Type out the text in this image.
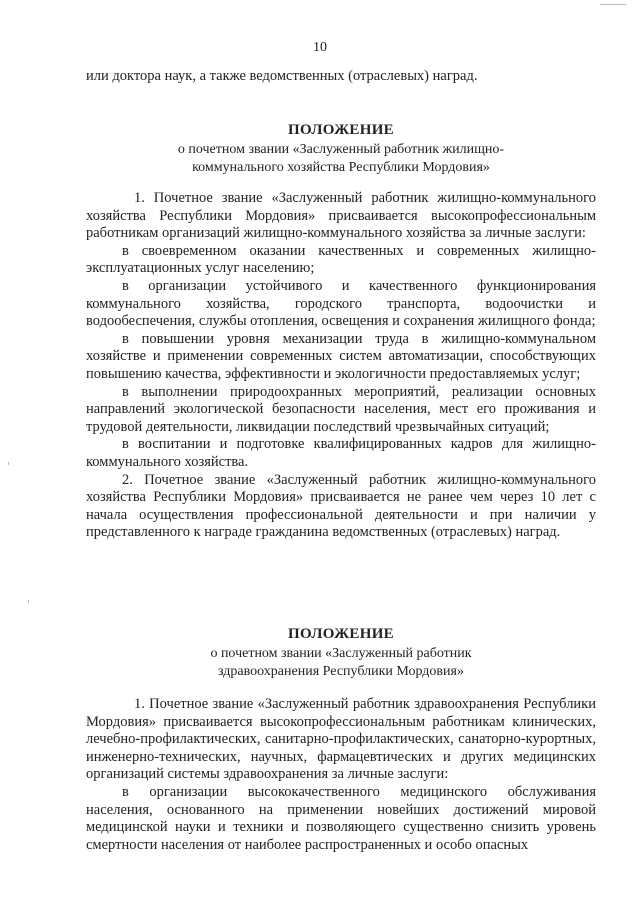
10
или доктора наук, а также ведомственных (отраслевых) наград.
ПОЛОЖЕНИЕ
о почетном звании «Заслуженный работник жилищно-
коммунального хозяйства Республики Мордовия»

1. Почетное звание «Заслуженный работник жилищно-коммунального хозяйства Республики Мордовия» присваивается высокопрофессиональным работникам организаций жилищно-коммунального хозяйства за личные заслуги:

в своевременном оказании качественных и современных жилищно-эксплуатационных услуг населению;

в организации устойчивого и качественного функционирования коммунального хозяйства, городского транспорта, водоочистки и водообеспечения, службы отопления, освещения и сохранения жилищного фонда;

в повышении уровня механизации труда в жилищно-коммунальном хозяйстве и применении современных систем автоматизации, способствующих повышению качества, эффективности и экологичности предоставляемых услуг;

в выполнении природоохранных мероприятий, реализации основных направлений экологической безопасности населения, мест его проживания и трудовой деятельности, ликвидации последствий чрезвычайных ситуаций;

в воспитании и подготовке квалифицированных кадров для жилищно-коммунального хозяйства.

2. Почетное звание «Заслуженный работник жилищно-коммунального хозяйства Республики Мордовия» присваивается не ранее чем через 10 лет с начала осуществления профессиональной деятельности и при наличии у представленного к награде гражданина ведомственных (отраслевых) наград.

ПОЛОЖЕНИЕ
о почетном звании «Заслуженный работник
здравоохранения Республики Мордовия»

1. Почетное звание «Заслуженный работник здравоохранения Республики Мордовия» присваивается высокопрофессиональным работникам клинических, лечебно-профилактических, санитарно-профилактических, санаторно-курортных, инженерно-технических, научных, фармацевтических и других медицинских организаций системы здравоохранения за личные заслуги:

в организации высококачественного медицинского обслуживания населения, основанного на применении новейших достижений мировой медицинской науки и техники и позволяющего существенно снизить уровень смертности населения от наиболее распространенных и особо опасных
